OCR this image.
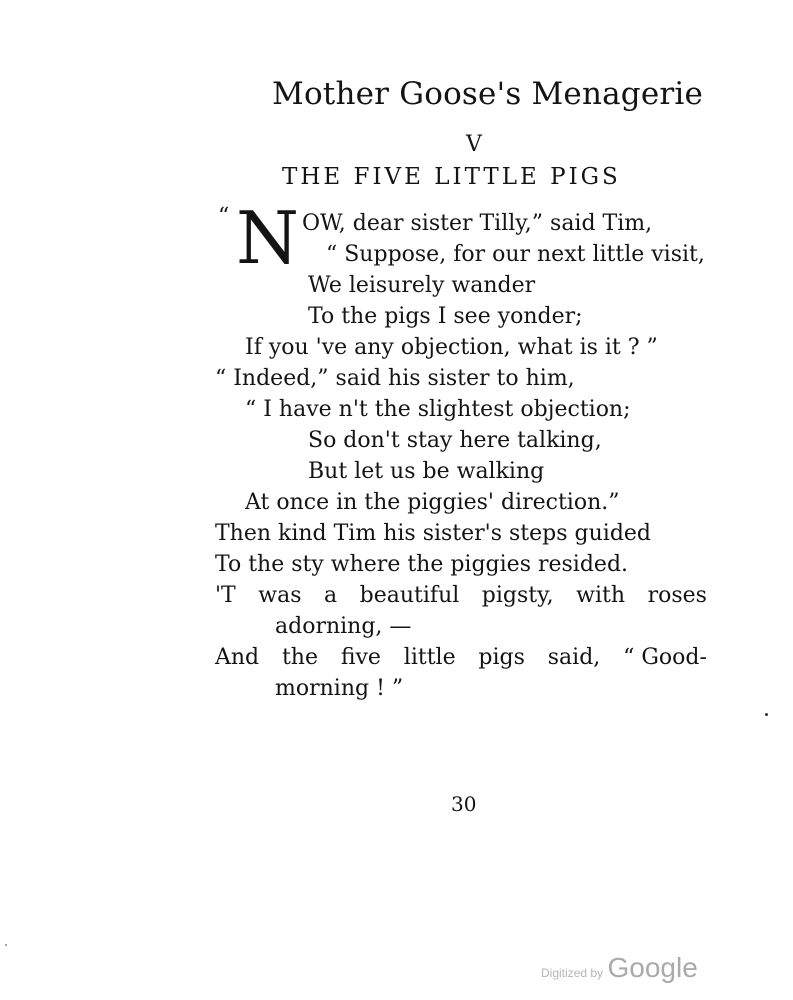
Mother Goose's Menagerie
V
THE FIVE LITTLE PIGS
“ N OW, dear sister Tilly,” said Tim,
“ Suppose, for our next little visit,
We leisurely wander
To the pigs I see yonder;
If you 've any objection, what is it ? ”
“ Indeed,” said his sister to him,
“ I have n't the slightest objection;
So don't stay here talking,
But let us be walking
At once in the piggies' direction.”
Then kind Tim his sister's steps guided
To the sty where the piggies resided.
'T was a beautiful pigsty, with roses
adorning, —
And the five little pigs said, “ Good-
morning ! ”
30
Digitized by Google
